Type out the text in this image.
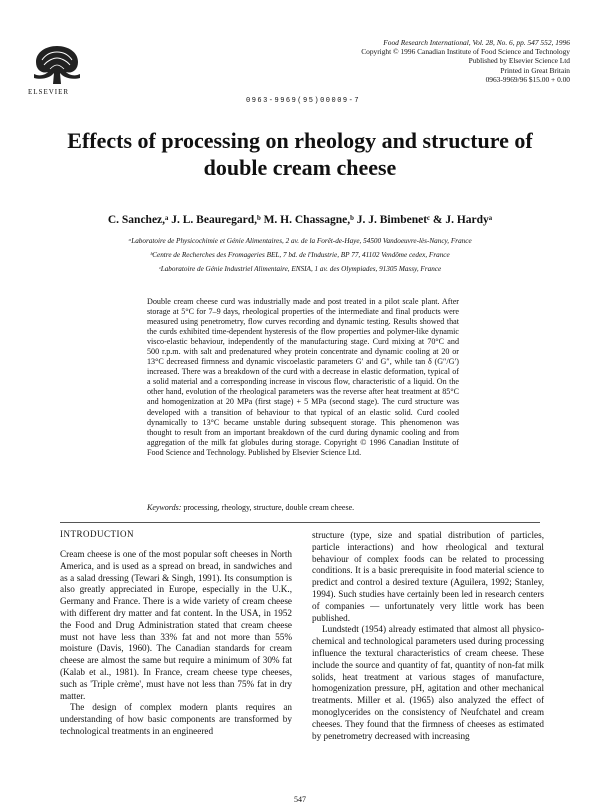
ELSEVIER
Food Research International, Vol. 28, No. 6, pp. 547 552, 1996
Copyright © 1996 Canadian Institute of Food Science and Technology
Published by Elsevier Science Ltd
Printed in Great Britain
0963-9969/96 $15.00 + 0.00
0963-9969(95)00009-7
Effects of processing on rheology and structure of double cream cheese
C. Sanchez,ᵃ J. L. Beauregard,ᵇ M. H. Chassagne,ᵇ J. J. Bimbenetᶜ & J. Hardyᵃ
ᵃLaboratoire de Physicochimie et Génie Alimentaires, 2 av. de la Forêt-de-Haye, 54500 Vandoeuvre-lès-Nancy, France
ᵇCentre de Recherches des Fromageries BEL, 7 bd. de l'Industrie, BP 77, 41102 Vendôme cedex, France
ᶜLaboratoire de Génie Industriel Alimentaire, ENSIA, 1 av. des Olympiades, 91305 Massy, France
Double cream cheese curd was industrially made and post treated in a pilot scale plant. After storage at 5°C for 7–9 days, rheological properties of the intermediate and final products were measured using penetrometry, flow curves recording and dynamic testing. Results showed that the curds exhibited time-dependent hysteresis of the flow properties and polymer-like dynamic visco-elastic behaviour, independently of the manufacturing stage. Curd mixing at 70°C and 500 r.p.m. with salt and predenatured whey protein concentrate and dynamic cooling at 20 or 13°C decreased firmness and dynamic viscoelastic parameters G′ and G″, while tan δ (G″/G′) increased. There was a breakdown of the curd with a decrease in elastic deformation, typical of a solid material and a corresponding increase in viscous flow, characteristic of a liquid. On the other hand, evolution of the rheological parameters was the reverse after heat treatment at 85°C and homogenization at 20 MPa (first stage) + 5 MPa (second stage). The curd structure was developed with a transition of behaviour to that typical of an elastic solid. Curd cooled dynamically to 13°C became unstable during subsequent storage. This phenomenon was thought to result from an important breakdown of the curd during dynamic cooling and from aggregation of the milk fat globules during storage. Copyright © 1996 Canadian Institute of Food Science and Technology. Published by Elsevier Science Ltd.
Keywords: processing, rheology, structure, double cream cheese.
INTRODUCTION

Cream cheese is one of the most popular soft cheeses in North America, and is used as a spread on bread, in sandwiches and as a salad dressing (Tewari & Singh, 1991). Its consumption is also greatly appreciated in Europe, especially in the U.K., Germany and France. There is a wide variety of cream cheese with different dry matter and fat content. In the USA, in 1952 the Food and Drug Administration stated that cream cheese must not have less than 33% fat and not more than 55% moisture (Davis, 1960). The Canadian standards for cream cheese are almost the same but require a minimum of 30% fat (Kalab et al., 1981). In France, cream cheese type cheeses, such as 'Triple crème', must have not less than 75% fat in dry matter.

The design of complex modern plants requires an understanding of how basic components are transformed by technological treatments in an engineered

structure (type, size and spatial distribution of particles, particle interactions) and how rheological and textural behaviour of complex foods can be related to processing conditions. It is a basic prerequisite in food material science to predict and control a desired texture (Aguilera, 1992; Stanley, 1994). Such studies have certainly been led in research centers of companies — unfortunately very little work has been published.

Lundstedt (1954) already estimated that almost all physico-chemical and technological parameters used during processing influence the textural characteristics of cream cheese. These include the source and quantity of fat, quantity of non-fat milk solids, heat treatment at various stages of manufacture, homogenization pressure, pH, agitation and other mechanical treatments. Miller et al. (1965) also analyzed the effect of monoglycerides on the consistency of Neufchatel and cream cheeses. They found that the firmness of cheeses as estimated by penetrometry decreased with increasing

547
